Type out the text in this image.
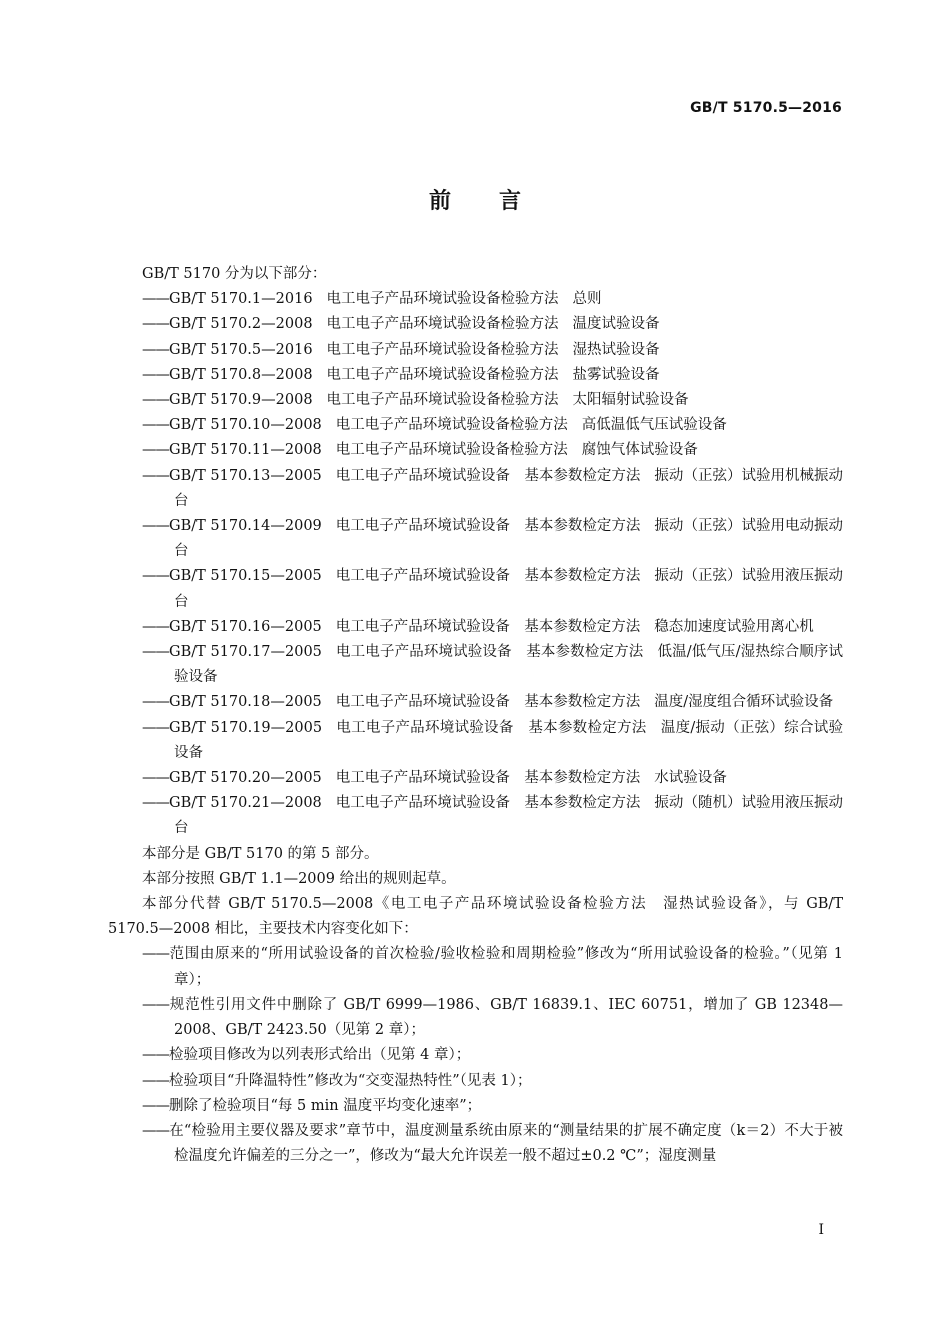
GB/T 5170.5—2016
前言

GB/T 5170 分为以下部分：

——GB/T 5170.1—2016 电工电子产品环境试验设备检验方法 总则

——GB/T 5170.2—2008 电工电子产品环境试验设备检验方法 温度试验设备

——GB/T 5170.5—2016 电工电子产品环境试验设备检验方法 湿热试验设备

——GB/T 5170.8—2008 电工电子产品环境试验设备检验方法 盐雾试验设备

——GB/T 5170.9—2008 电工电子产品环境试验设备检验方法 太阳辐射试验设备

——GB/T 5170.10—2008 电工电子产品环境试验设备检验方法 高低温低气压试验设备

——GB/T 5170.11—2008 电工电子产品环境试验设备检验方法 腐蚀气体试验设备

——GB/T 5170.13—2005 电工电子产品环境试验设备　基本参数检定方法 振动（正弦）试验用机械振动台

——GB/T 5170.14—2009 电工电子产品环境试验设备　基本参数检定方法 振动（正弦）试验用电动振动台

——GB/T 5170.15—2005 电工电子产品环境试验设备　基本参数检定方法 振动（正弦）试验用液压振动台

——GB/T 5170.16—2005 电工电子产品环境试验设备　基本参数检定方法 稳态加速度试验用离心机

——GB/T 5170.17—2005 电工电子产品环境试验设备　基本参数检定方法 低温/低气压/湿热综合顺序试验设备

——GB/T 5170.18—2005 电工电子产品环境试验设备　基本参数检定方法 温度/湿度组合循环试验设备

——GB/T 5170.19—2005 电工电子产品环境试验设备　基本参数检定方法 温度/振动（正弦）综合试验设备

——GB/T 5170.20—2005 电工电子产品环境试验设备　基本参数检定方法 水试验设备

——GB/T 5170.21—2008 电工电子产品环境试验设备　基本参数检定方法 振动（随机）试验用液压振动台

本部分是 GB/T 5170 的第 5 部分。

本部分按照 GB/T 1.1—2009 给出的规则起草。

本部分代替 GB/T 5170.5—2008《电工电子产品环境试验设备检验方法　湿热试验设备》，与 GB/T 5170.5—2008 相比，主要技术内容变化如下：

——范围由原来的“所用试验设备的首次检验/验收检验和周期检验”修改为“所用试验设备的检验。”（见第 1 章）；

——规范性引用文件中删除了 GB/T 6999—1986、GB/T 16839.1、IEC 60751，增加了 GB 12348—2008、GB/T 2423.50（见第 2 章）；

——检验项目修改为以列表形式给出（见第 4 章）；

——检验项目“升降温特性”修改为“交变湿热特性”（见表 1）；

——删除了检验项目“每 5 min 温度平均变化速率”；

——在“检验用主要仪器及要求”章节中，温度测量系统由原来的“测量结果的扩展不确定度（k＝2）不大于被检温度允许偏差的三分之一”，修改为“最大允许误差一般不超过±0.2 ℃”；湿度测量

I
